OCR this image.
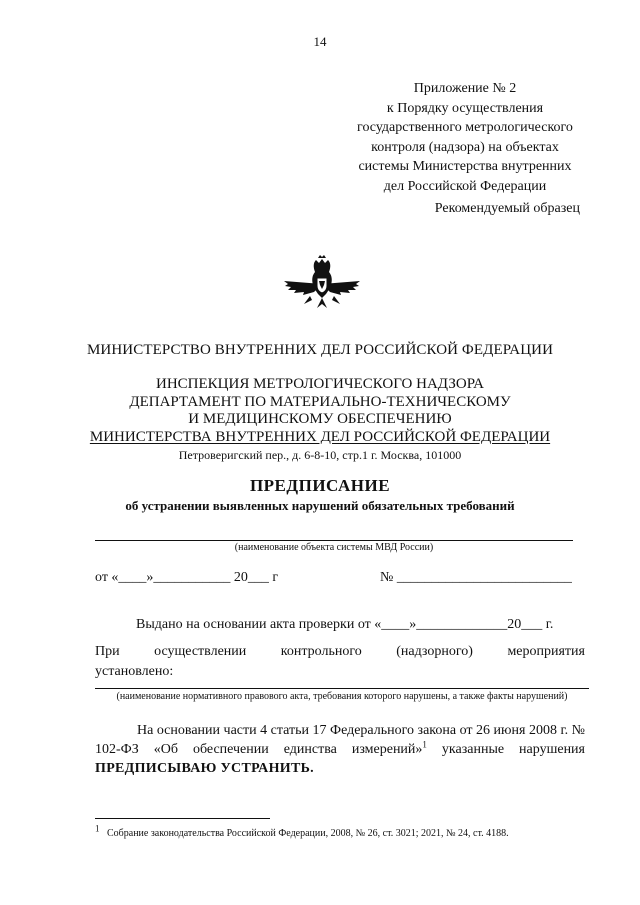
14
Приложение № 2
к Порядку осуществления
государственного метрологического
контроля (надзора) на объектах
системы Министерства внутренних
дел Российской Федерации
Рекомендуемый образец
МИНИСТЕРСТВО ВНУТРЕННИХ ДЕЛ РОССИЙСКОЙ ФЕДЕРАЦИИ
ИНСПЕКЦИЯ МЕТРОЛОГИЧЕСКОГО НАДЗОРА
ДЕПАРТАМЕНТ ПО МАТЕРИАЛЬНО-ТЕХНИЧЕСКОМУ
И МЕДИЦИНСКОМУ ОБЕСПЕЧЕНИЮ
МИНИСТЕРСТВА ВНУТРЕННИХ ДЕЛ РОССИЙСКОЙ ФЕДЕРАЦИИ
Петроверигский пер., д. 6-8-10, стр.1 г. Москва, 101000
ПРЕДПИСАНИЕ
об устранении выявленных нарушений обязательных требований
(наименование объекта системы МВД России)
от «____»___________ 20___ г	№ _________________________
Выдано на основании акта проверки от «____»_____________20___ г.
При осуществлении контрольного (надзорного) мероприятия
установлено:
(наименование нормативного правового акта, требования которого нарушены, а также факты нарушений)
На основании части 4 статьи 17 Федерального закона от 26 июня 2008 г. № 102-ФЗ «Об обеспечении единства измерений»$^1$ указанные нарушения ПРЕДПИСЫВАЮ УСТРАНИТЬ.
1 Собрание законодательства Российской Федерации, 2008, № 26, ст. 3021; 2021, № 24, ст. 4188.
